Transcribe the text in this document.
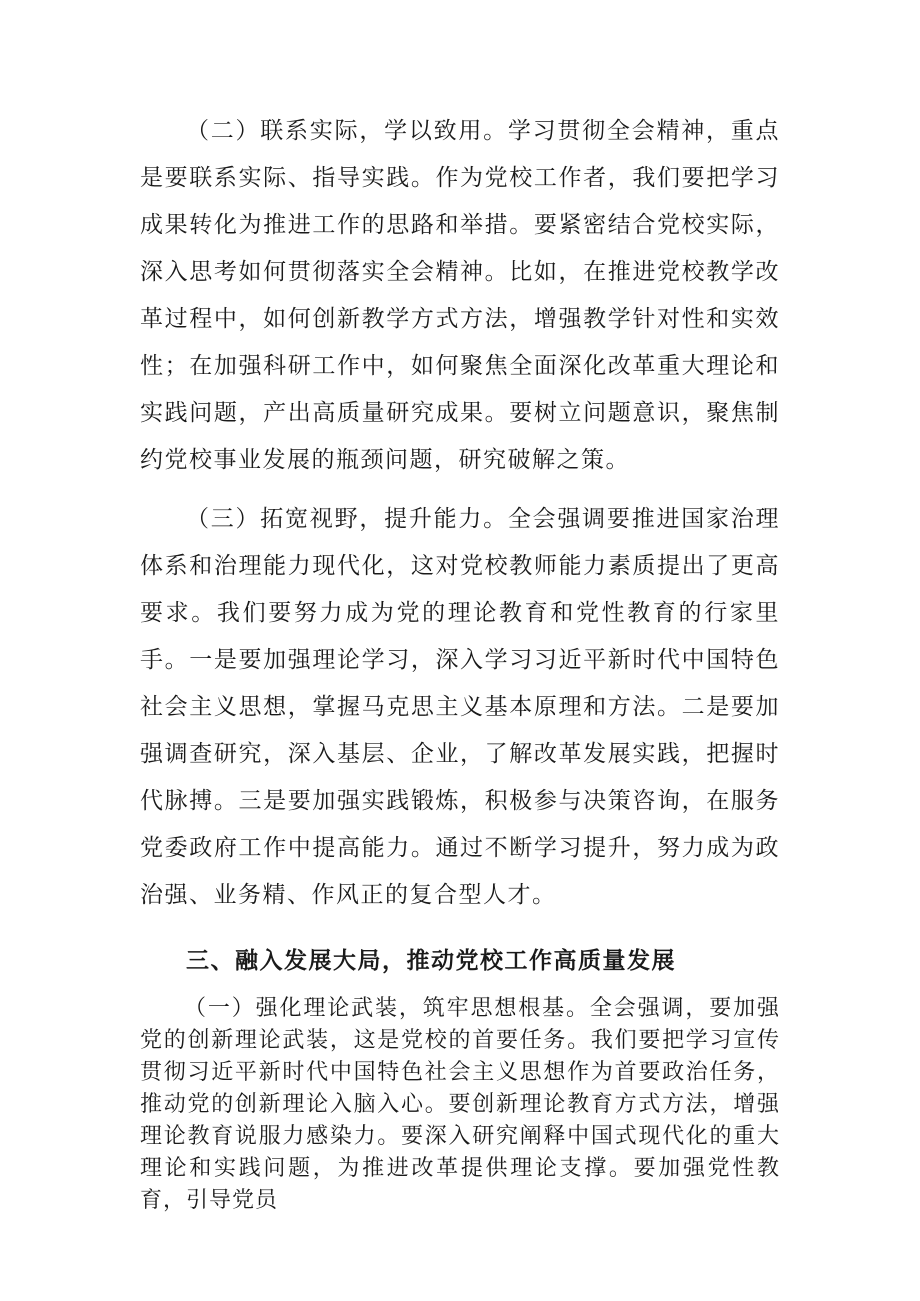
（二）联系实际，学以致用。学习贯彻全会精神，重点是要联系实际、指导实践。作为党校工作者，我们要把学习成果转化为推进工作的思路和举措。要紧密结合党校实际，深入思考如何贯彻落实全会精神。比如，在推进党校教学改革过程中，如何创新教学方式方法，增强教学针对性和实效性；在加强科研工作中，如何聚焦全面深化改革重大理论和实践问题，产出高质量研究成果。要树立问题意识，聚焦制约党校事业发展的瓶颈问题，研究破解之策。

（三）拓宽视野，提升能力。全会强调要推进国家治理体系和治理能力现代化，这对党校教师能力素质提出了更高要求。我们要努力成为党的理论教育和党性教育的行家里手。一是要加强理论学习，深入学习习近平新时代中国特色社会主义思想，掌握马克思主义基本原理和方法。二是要加强调查研究，深入基层、企业，了解改革发展实践，把握时代脉搏。三是要加强实践锻炼，积极参与决策咨询，在服务党委政府工作中提高能力。通过不断学习提升，努力成为政治强、业务精、作风正的复合型人才。

三、融入发展大局，推动党校工作高质量发展

（一）强化理论武装，筑牢思想根基。全会强调，要加强党的创新理论武装，这是党校的首要任务。我们要把学习宣传贯彻习近平新时代中国特色社会主义思想作为首要政治任务，推动党的创新理论入脑入心。要创新理论教育方式方法，增强理论教育说服力感染力。要深入研究阐释中国式现代化的重大理论和实践问题，为推进改革提供理论支撑。要加强党性教育，引导党员
